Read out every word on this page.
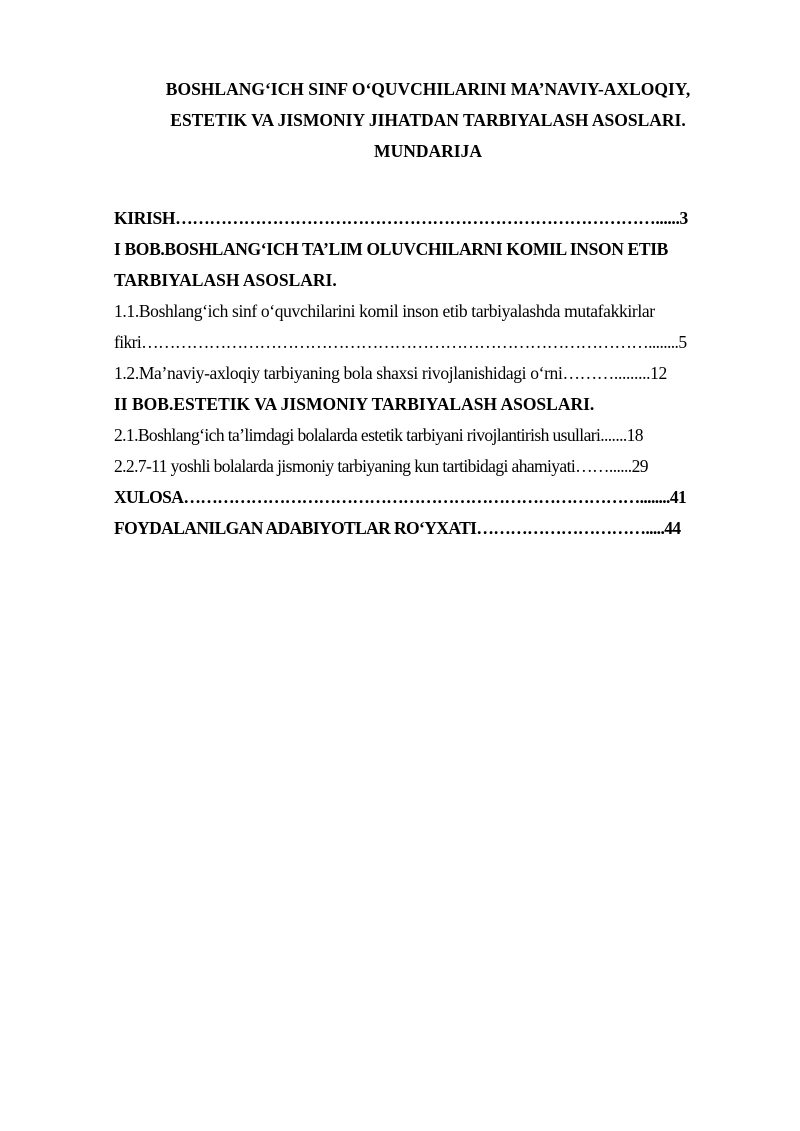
BOSHLANG‘ICH SINF O‘QUVCHILARINI MA’NAVIY-AXLOQIY,
ESTETIK VA JISMONIY JIHATDAN TARBIYALASH ASOSLARI.
MUNDARIJA
KIRISH…………………………………………………………………………......3
I BOB.BOSHLANG‘ICH TA’LIM OLUVCHILARNI KOMIL INSON ETIB
TARBIYALASH ASOSLARI.
1.1.Boshlang‘ich sinf o‘quvchilarini komil inson etib tarbiyalashda mutafakkirlar
fikri………………………………………………………………………………........5
1.2.Ma’naviy-axloqiy tarbiyaning bola shaxsi rivojlanishidagi o‘rni……….........12
II BOB.ESTETIK VA JISMONIY TARBIYALASH ASOSLARI.
2.1.Boshlang‘ich ta’limdagi bolalarda estetik tarbiyani rivojlantirish usullari.......18
2.2.7-11 yoshli bolalarda jismoniy tarbiyaning kun tartibidagi ahamiyati……......29
XULOSA………………………………………………………………………........41
FOYDALANILGAN ADABIYOTLAR RO‘YXATI………………………….....44
